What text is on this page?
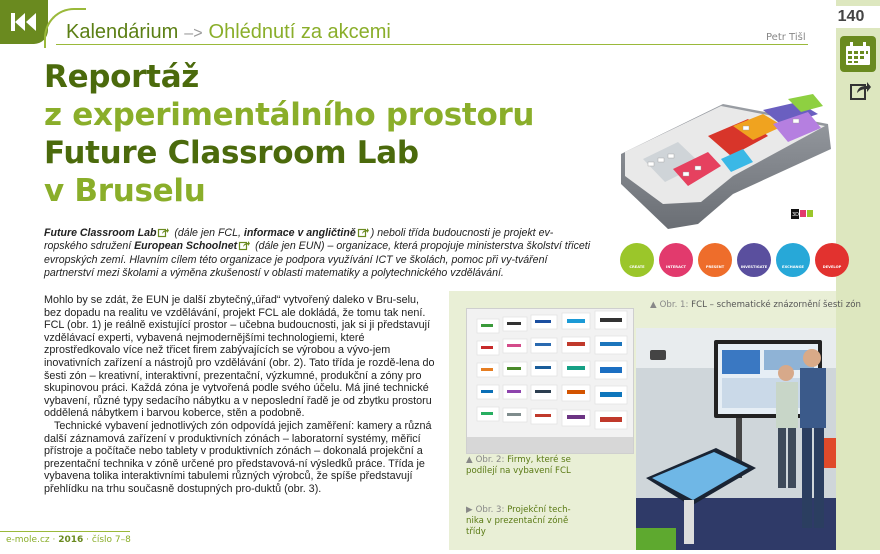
Kalendárium –> Ohlédnutí za akcemi	Petr Tišl
140
Reportáž
z experimentálního prostoru
Future Classroom Lab
v Bruselu
Future Classroom Lab (dále jen FCL, informace v angličtině ) neboli třída budoucnosti je projekt ev-ropského sdružení European Schoolnet (dále jen EUN) – organizace, která propojuje ministerstva školství třiceti evropských zemí. Hlavním cílem této organizace je podpora využívání ICT ve školách, pomoc při vy-tváření partnerství mezi školami a výměna zkušeností v oblasti matematiky a polytechnického vzdělávání.

Mohlo by se zdát, že EUN je další zbytečný„úřad“ vytvořený daleko v Bru-selu, bez dopadu na realitu ve vzdělávání, projekt FCL ale dokládá, že tomu tak není. FCL (obr. 1) je reálně existující prostor – učebna budoucnosti, jak si ji představují vzdělávací experti, vybavená nejmodernějšími technologiemi, které zprostředkovalo více než třicet firem zabývajících se výrobou a vývo-jem inovativních zařízení a nástrojů pro vzdělávání (obr. 2). Tato třída je rozdě-lena do šesti zón – kreativní, interaktivní, prezentační, výzkumné, produkční a zóny pro skupinovou práci. Každá zóna je vytvořená podle svého účelu. Má jiné technické vybavení, různé typy sedacího nábytku a v neposlední řadě je od zbytku prostoru oddělená nábytkem i barvou koberce, stěn a podobně.

Technické vybavení jednotlivých zón odpovídá jejich zaměření: kamery a různá další záznamová zařízení v produktivních zónách – laboratorní systémy, měřicí přístroje a počítače nebo tablety v produktivních zónách – dokonalá projekční a prezentační technika v zóně určené pro představová-ní výsledků práce. Třída je vybavena tolika interaktivními tabulemi různých výrobců, že spíše představují přehlídku na trhu současně dostupných pro-duktů (obr. 3).

e-mole.cz · 2016 · číslo 7–8
3D
CREATE	INTERACT	PRESENT	INVESTIGATE	EXCHANGE	DEVELOP
▲ Obr. 1: FCL – schematické znázornění šesti zón
▲ Obr. 2: Firmy, které se podílejí na vybavení FCL
▶ Obr. 3: Projekční tech-nika v prezentační zóně třídy
